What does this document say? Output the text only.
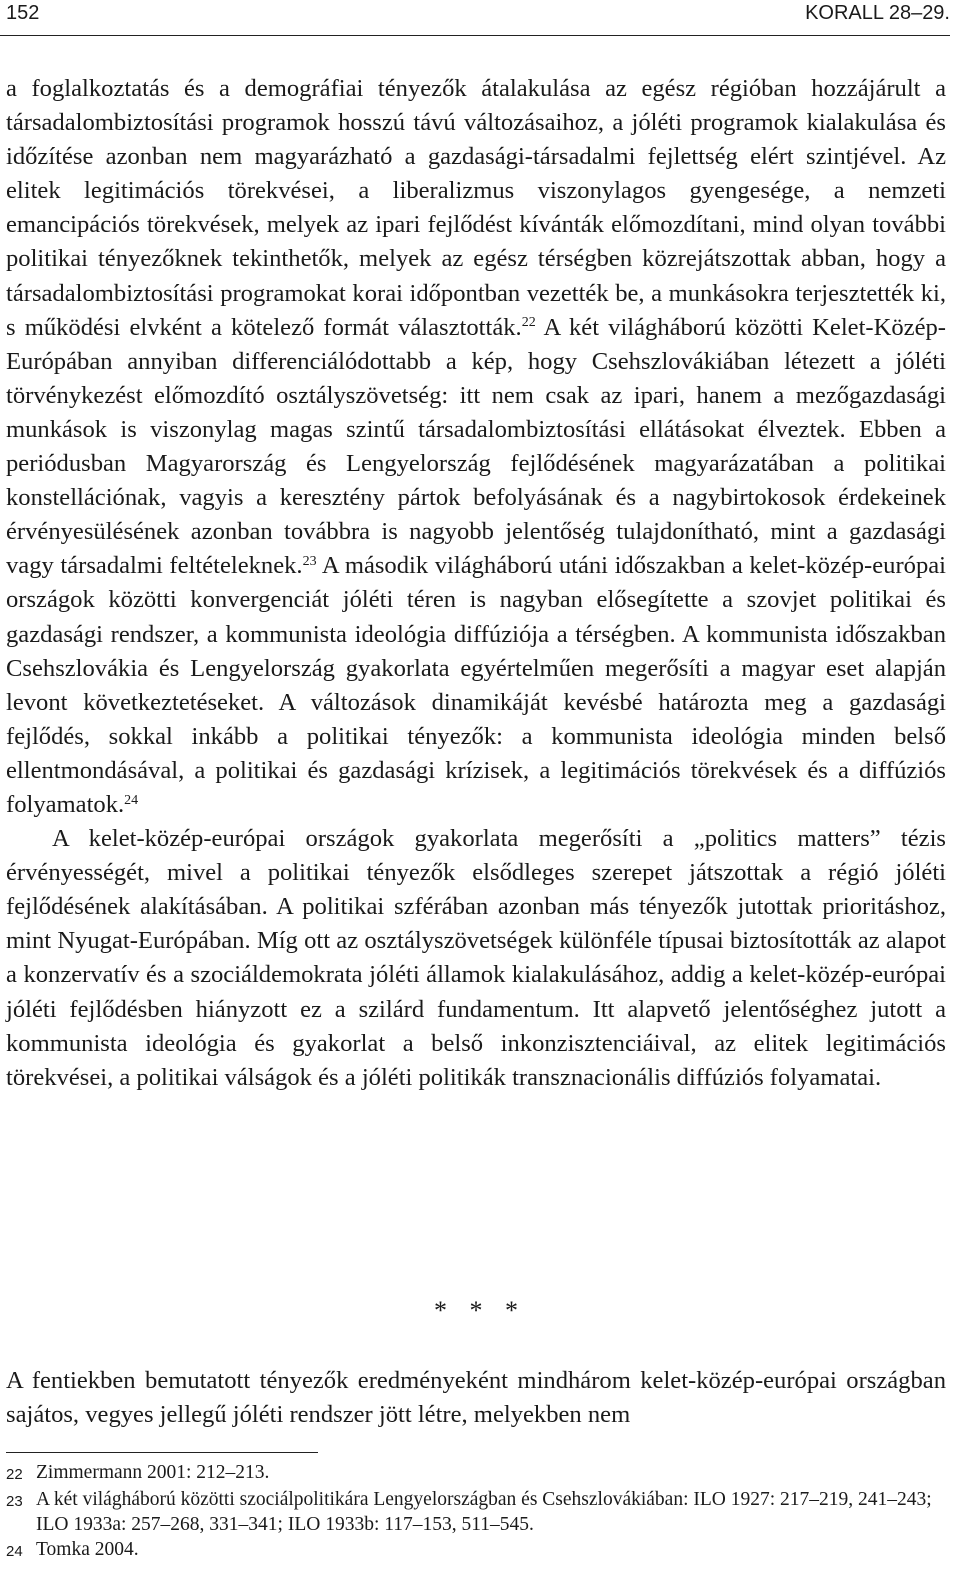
152	KORALL 28–29.

a foglalkoztatás és a demográfiai tényezők átalakulása az egész régióban hozzájárult a társadalombiztosítási programok hosszú távú változásaihoz, a jóléti programok kialakulása és időzítése azonban nem magyarázható a gazdasági-társadalmi fejlettség elért szintjével. Az elitek legitimációs törekvései, a liberalizmus viszonylagos gyengesége, a nemzeti emancipációs törekvések, melyek az ipari fejlődést kívánták előmozdítani, mind olyan további politikai tényezőknek tekinthetők, melyek az egész térségben közrejátszottak abban, hogy a társadalombiztosítási programokat korai időpontban vezették be, a munkásokra terjesztették ki, s működési elvként a kötelező formát választották.$^{22}$ A két világháború közötti Kelet-Közép-Európában annyiban differenciálódottabb a kép, hogy Csehszlovákiában létezett a jóléti törvénykezést előmozdító osztályszövetség: itt nem csak az ipari, hanem a mezőgazdasági munkások is viszonylag magas szintű társadalombiztosítási ellátásokat élveztek. Ebben a periódusban Magyarország és Lengyelország fejlődésének magyarázatában a politikai konstellációnak, vagyis a keresztény pártok befolyásának és a nagybirtokosok érdekeinek érvényesülésének azonban továbbra is nagyobb jelentőség tulajdonítható, mint a gazdasági vagy társadalmi feltételeknek.$^{23}$ A második világháború utáni időszakban a kelet-közép-európai országok közötti konvergenciát jóléti téren is nagyban elősegítette a szovjet politikai és gazdasági rendszer, a kommunista ideológia diffúziója a térségben. A kommunista időszakban Csehszlovákia és Lengyelország gyakorlata egyértelműen megerősíti a magyar eset alapján levont következtetéseket. A változások dinamikáját kevésbé határozta meg a gazdasági fejlődés, sokkal inkább a politikai tényezők: a kommunista ideológia minden belső ellentmondásával, a politikai és gazdasági krízisek, a legitimációs törekvések és a diffúziós folyamatok.$^{24}$

A kelet-közép-európai országok gyakorlata megerősíti a „politics matters” tézis érvényességét, mivel a politikai tényezők elsődleges szerepet játszottak a régió jóléti fejlődésének alakításában. A politikai szférában azonban más tényezők jutottak prioritáshoz, mint Nyugat-Európában. Míg ott az osztályszövetségek különféle típusai biztosították az alapot a konzervatív és a szociáldemokrata jóléti államok kialakulásához, addig a kelet-közép-európai jóléti fejlődésben hiányzott ez a szilárd fundamentum. Itt alapvető jelentőséghez jutott a kommunista ideológia és gyakorlat a belső inkonzisztenciáival, az elitek legitimációs törekvései, a politikai válságok és a jóléti politikák transznacionális diffúziós folyamatai.

* * *

A fentiekben bemutatott tényezők eredményeként mindhárom kelet-közép-európai országban sajátos, vegyes jellegű jóléti rendszer jött létre, melyekben nem

22 Zimmermann 2001: 212–213.
23 A két világháború közötti szociálpolitikára Lengyelországban és Csehszlovákiában: ILO 1927: 217–219, 241–243; ILO 1933a: 257–268, 331–341; ILO 1933b: 117–153, 511–545.
24 Tomka 2004.
